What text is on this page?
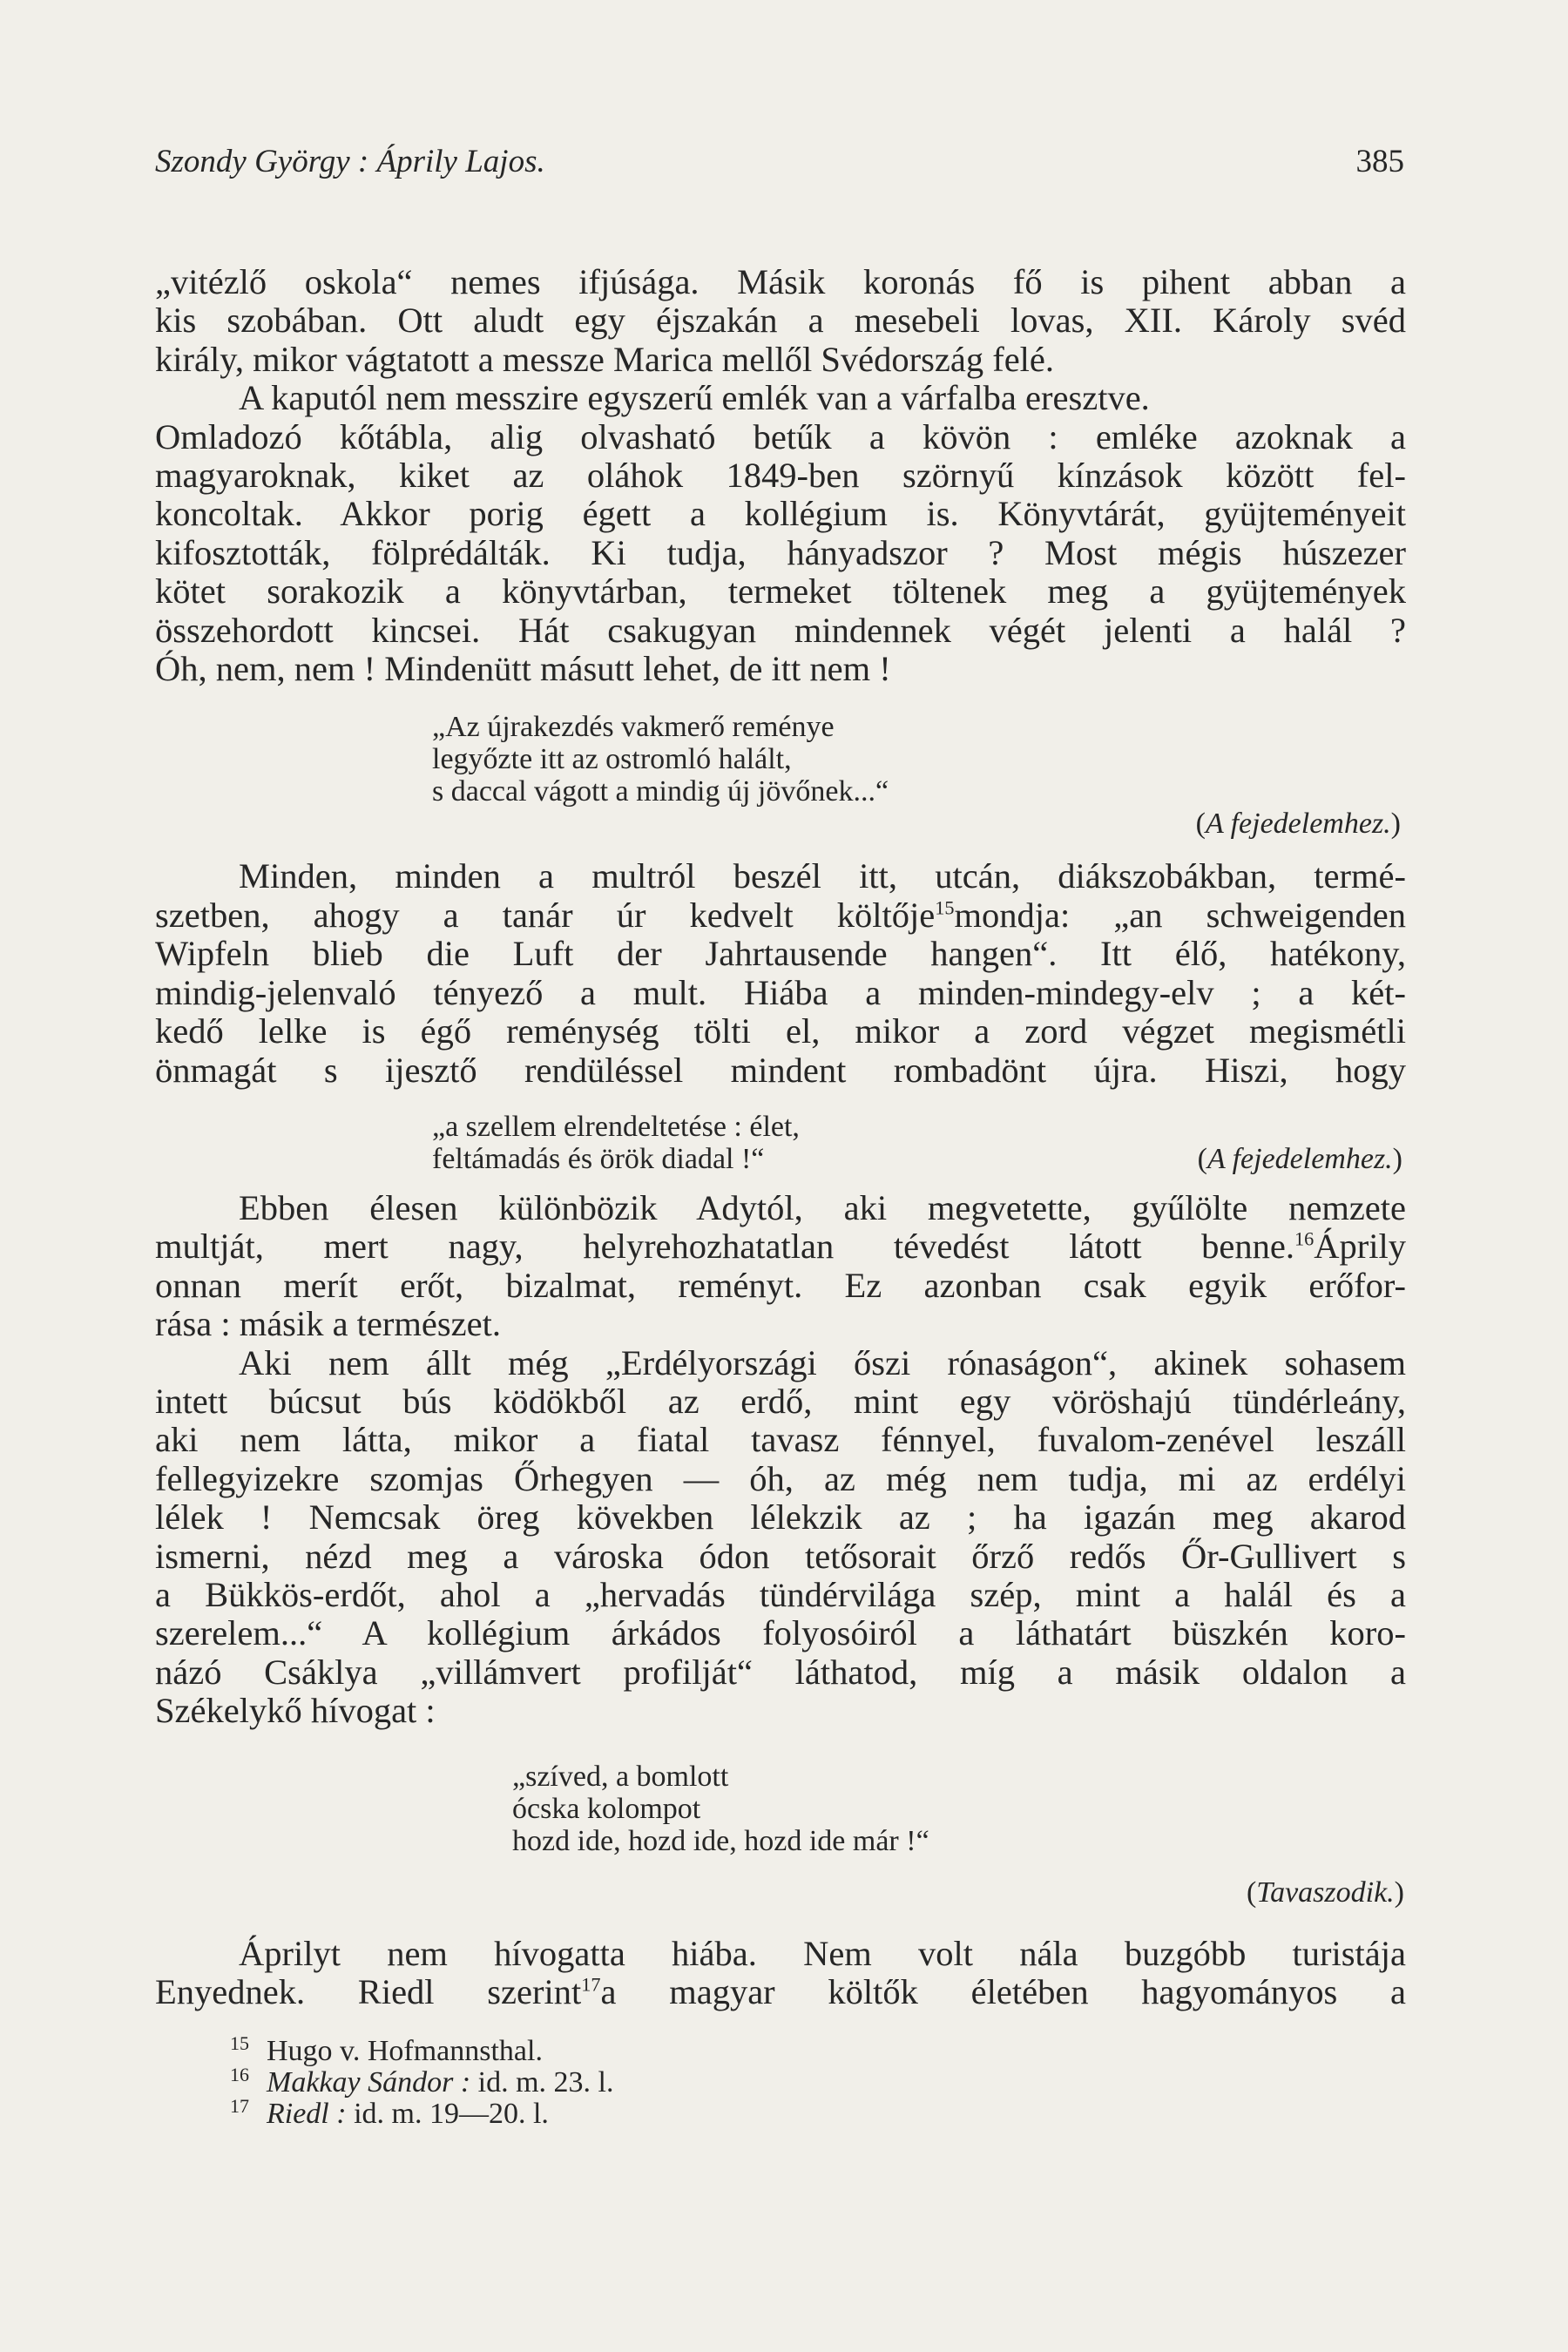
Szondy György : Áprily Lajos.	385

„vitézlő oskola“ nemes ifjúsága. Másik koronás fő is pihent abban a
kis szobában. Ott aludt egy éjszakán a mesebeli lovas, XII. Károly svéd
király, mikor vágtatott a messze Marica mellől Svédország felé.
A kaputól nem messzire egyszerű emlék van a várfalba eresztve.
Omladozó kőtábla, alig olvasható betűk a kövön : emléke azoknak a
magyaroknak, kiket az oláhok 1849-ben szörnyű kínzások között fel-
koncoltak. Akkor porig égett a kollégium is. Könyvtárát, gyüjteményeit
kifosztották, fölprédálták. Ki tudja, hányadszor ? Most mégis húszezer
kötet sorakozik a könyvtárban, termeket töltenek meg a gyüjtemények
összehordott kincsei. Hát csakugyan mindennek végét jelenti a halál ?
Óh, nem, nem ! Mindenütt másutt lehet, de itt nem !

„Az újrakezdés vakmerő reménye
legyőzte itt az ostromló halált,
s daccal vágott a mindig új jövőnek...“
(A fejedelemhez.)

Minden, minden a multról beszél itt, utcán, diákszobákban, termé-
szetben, ahogy a tanár úr kedvelt költője$^{15}$mondja: „an schweigenden
Wipfeln blieb die Luft der Jahrtausende hangen“. Itt élő, hatékony,
mindig-jelenvaló tényező a mult. Hiába a minden-mindegy-elv ; a két-
kedő lelke is égő reménység tölti el, mikor a zord végzet megismétli
önmagát s ijesztő rendüléssel mindent rombadönt újra. Hiszi, hogy

„a szellem elrendeltetése : élet,
feltámadás és örök diadal !“	(A fejedelemhez.)

Ebben élesen különbözik Adytól, aki megvetette, gyűlölte nemzete
multját, mert nagy, helyrehozhatatlan tévedést látott benne.$^{16}$Áprily
onnan merít erőt, bizalmat, reményt. Ez azonban csak egyik erőfor-
rása : másik a természet.

Aki nem állt még „Erdélyországi őszi rónaságon“, akinek sohasem
intett búcsut bús ködökből az erdő, mint egy vöröshajú tündérleány,
aki nem látta, mikor a fiatal tavasz fénnyel, fuvalom-zenével leszáll
fellegyizekre szomjas Őrhegyen — óh, az még nem tudja, mi az erdélyi
lélek ! Nemcsak öreg kövekben lélekzik az ; ha igazán meg akarod
ismerni, nézd meg a városka ódon tetősorait őrző redős Őr-Gullivert s
a Bükkös-erdőt, ahol a „hervadás tündérvilága szép, mint a halál és a
szerelem...“ A kollégium árkádos folyosóiról a láthatárt büszkén koro-
názó Csáklya „villámvert profilját“ láthatod, míg a másik oldalon a
Székelykő hívogat :

„szíved, a bomlott
ócska kolompot
hozd ide, hozd ide, hozd ide már !“
(Tavaszodik.)

Áprilyt nem hívogatta hiába. Nem volt nála buzgóbb turistája
Enyednek. Riedl szerint$^{17}$a magyar költők életében hagyományos a

15 Hugo v. Hofmannsthal.
16 Makkay Sándor : id. m. 23. l.
17 Riedl : id. m. 19—20. l.
